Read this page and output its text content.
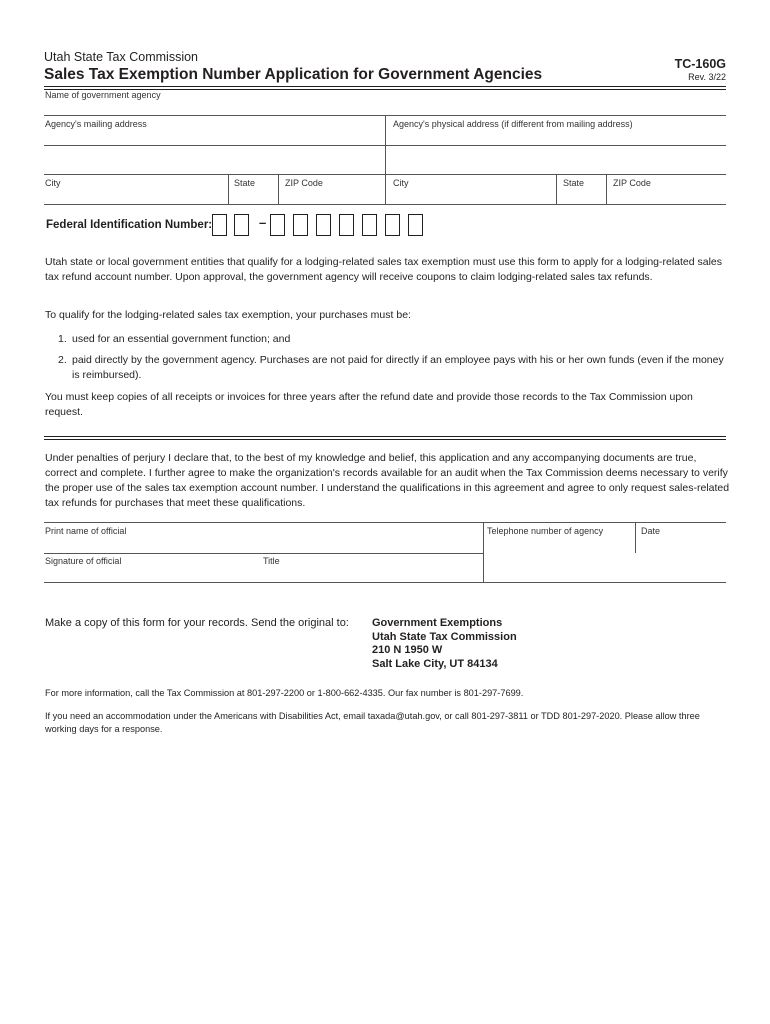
Utah State Tax Commission
Sales Tax Exemption Number Application for Government Agencies
TC-160G
Rev. 3/22
Name of government agency
Agency's mailing address	Agency's physical address (if different from mailing address)
City	State	ZIP Code	City	State	ZIP Code
Federal Identification Number:	–
Utah state or local government entities that qualify for a lodging-related sales tax exemption must use this form to apply for a lodging-related sales tax refund account number. Upon approval, the government agency will receive coupons to claim lodging-related sales tax refunds.
To qualify for the lodging-related sales tax exemption, your purchases must be:
1. used for an essential government function; and
2. paid directly by the government agency. Purchases are not paid for directly if an employee pays with his or her own funds (even if the money is reimbursed).
You must keep copies of all receipts or invoices for three years after the refund date and provide those records to the Tax Commission upon request.
Under penalties of perjury I declare that, to the best of my knowledge and belief, this application and any accompanying documents are true, correct and complete. I further agree to make the organization's records available for an audit when the Tax Commission deems necessary to verify the proper use of the sales tax exemption account number. I understand the qualifications in this agreement and agree to only request sales-related tax refunds for purchases that meet these qualifications.
Print name of official	Telephone number of agency	Date
Signature of official	Title
Make a copy of this form for your records. Send the original to: Government Exemptions
Utah State Tax Commission
210 N 1950 W
Salt Lake City, UT 84134
For more information, call the Tax Commission at 801-297-2200 or 1-800-662-4335. Our fax number is 801-297-7699.
If you need an accommodation under the Americans with Disabilities Act, email taxada@utah.gov, or call 801-297-3811 or TDD 801-297-2020. Please allow three working days for a response.
